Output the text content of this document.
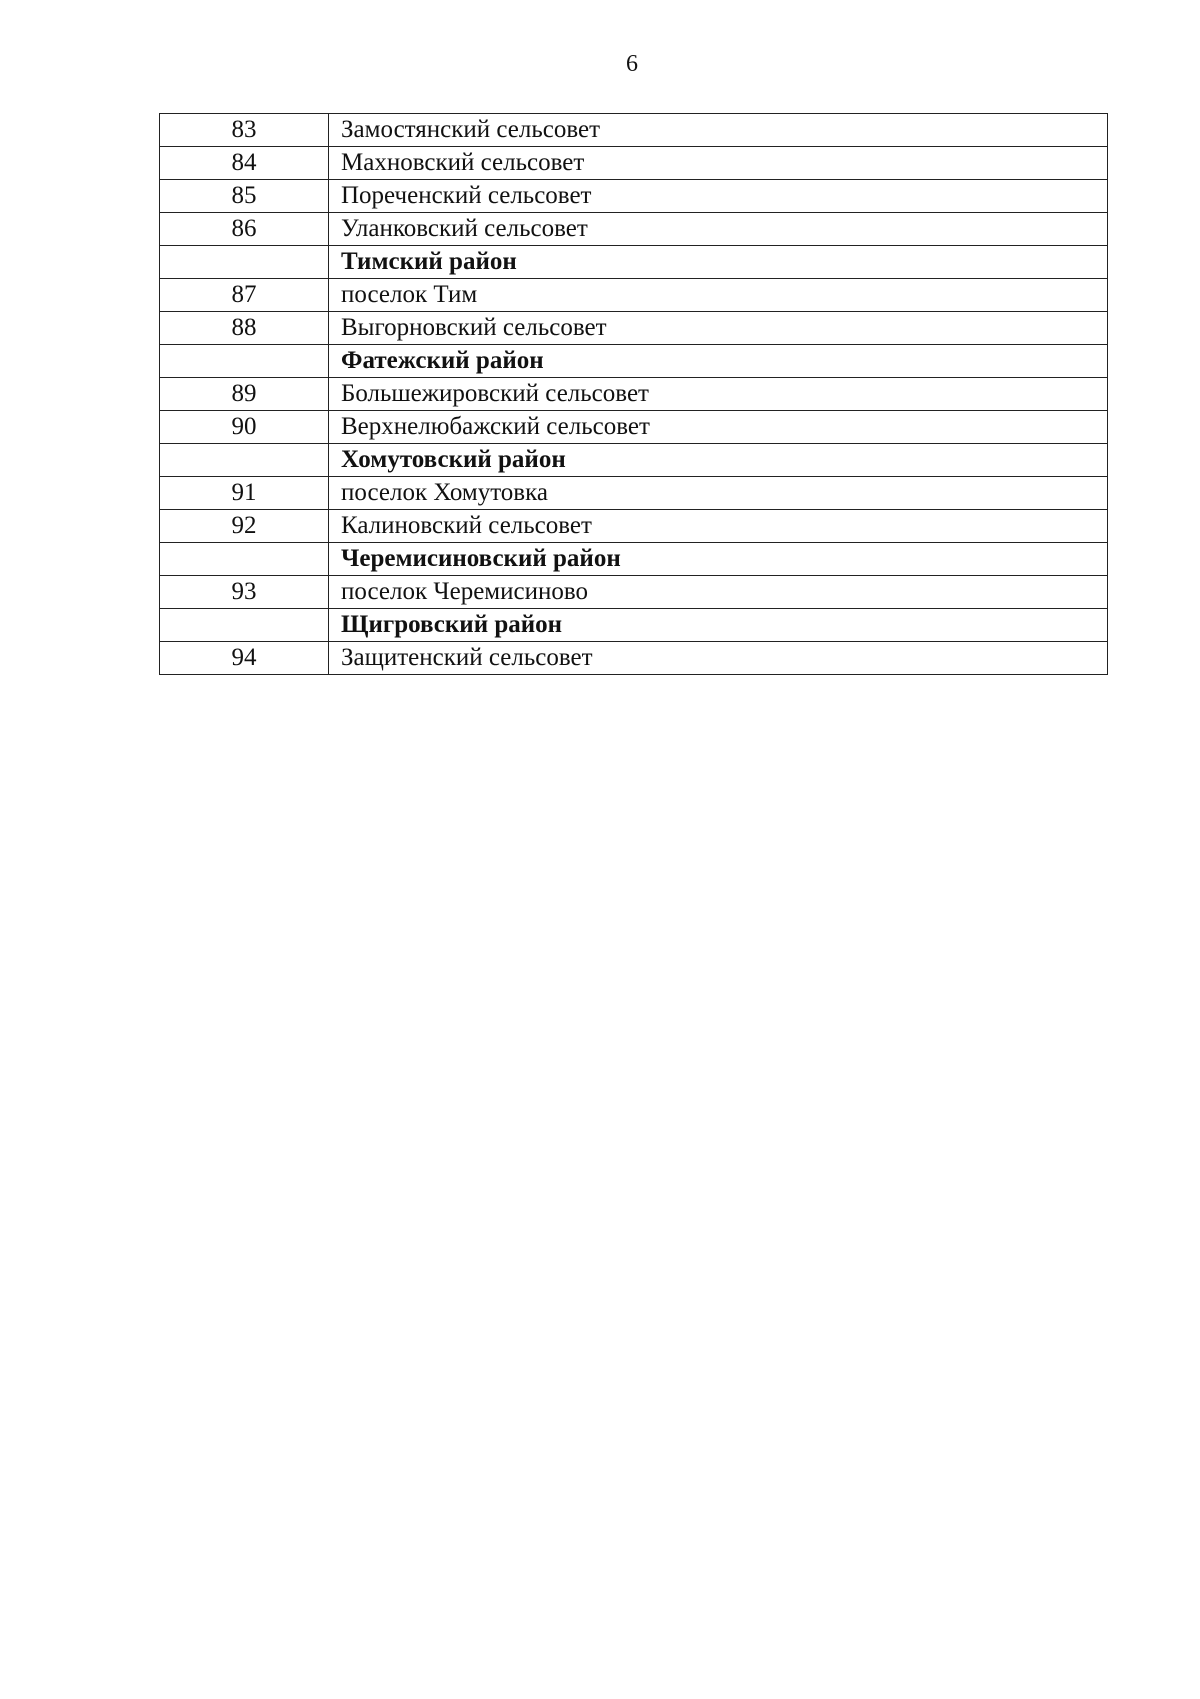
6
83	Замостянский сельсовет
84	Махновский сельсовет
85	Пореченский сельсовет
86	Уланковский сельсовет
	Тимский район
87	поселок Тим
88	Выгорновский сельсовет
	Фатежский район
89	Большежировский сельсовет
90	Верхнелюбажский сельсовет
	Хомутовский район
91	поселок Хомутовка
92	Калиновский сельсовет
	Черемисиновский район
93	поселок Черемисиново
	Щигровский район
94	Защитенский сельсовет
